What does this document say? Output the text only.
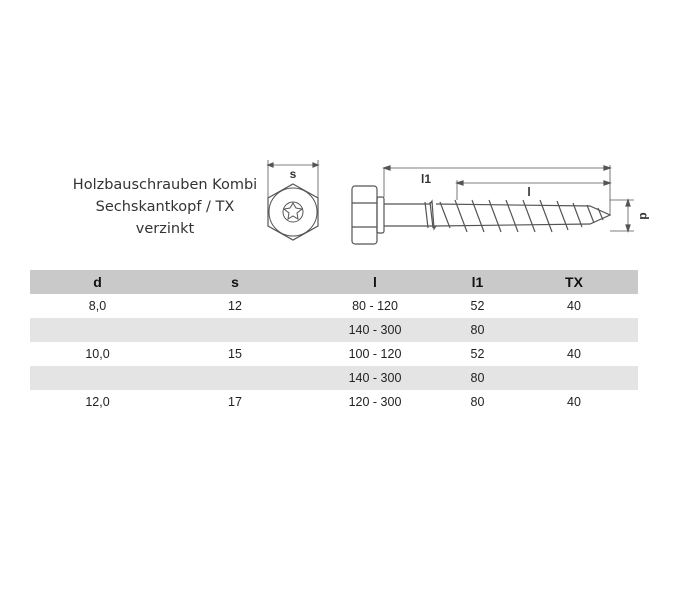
Holzbauschrauben Kombi
Sechskantkopf / TX
verzinkt
s	l1
l
d
d	s	l	l1	TX
8,0	12	80 - 120	52	40
		140 - 300	80	
10,0	15	100 - 120	52	40
		140 - 300	80	
12,0	17	120 - 300	80	40
